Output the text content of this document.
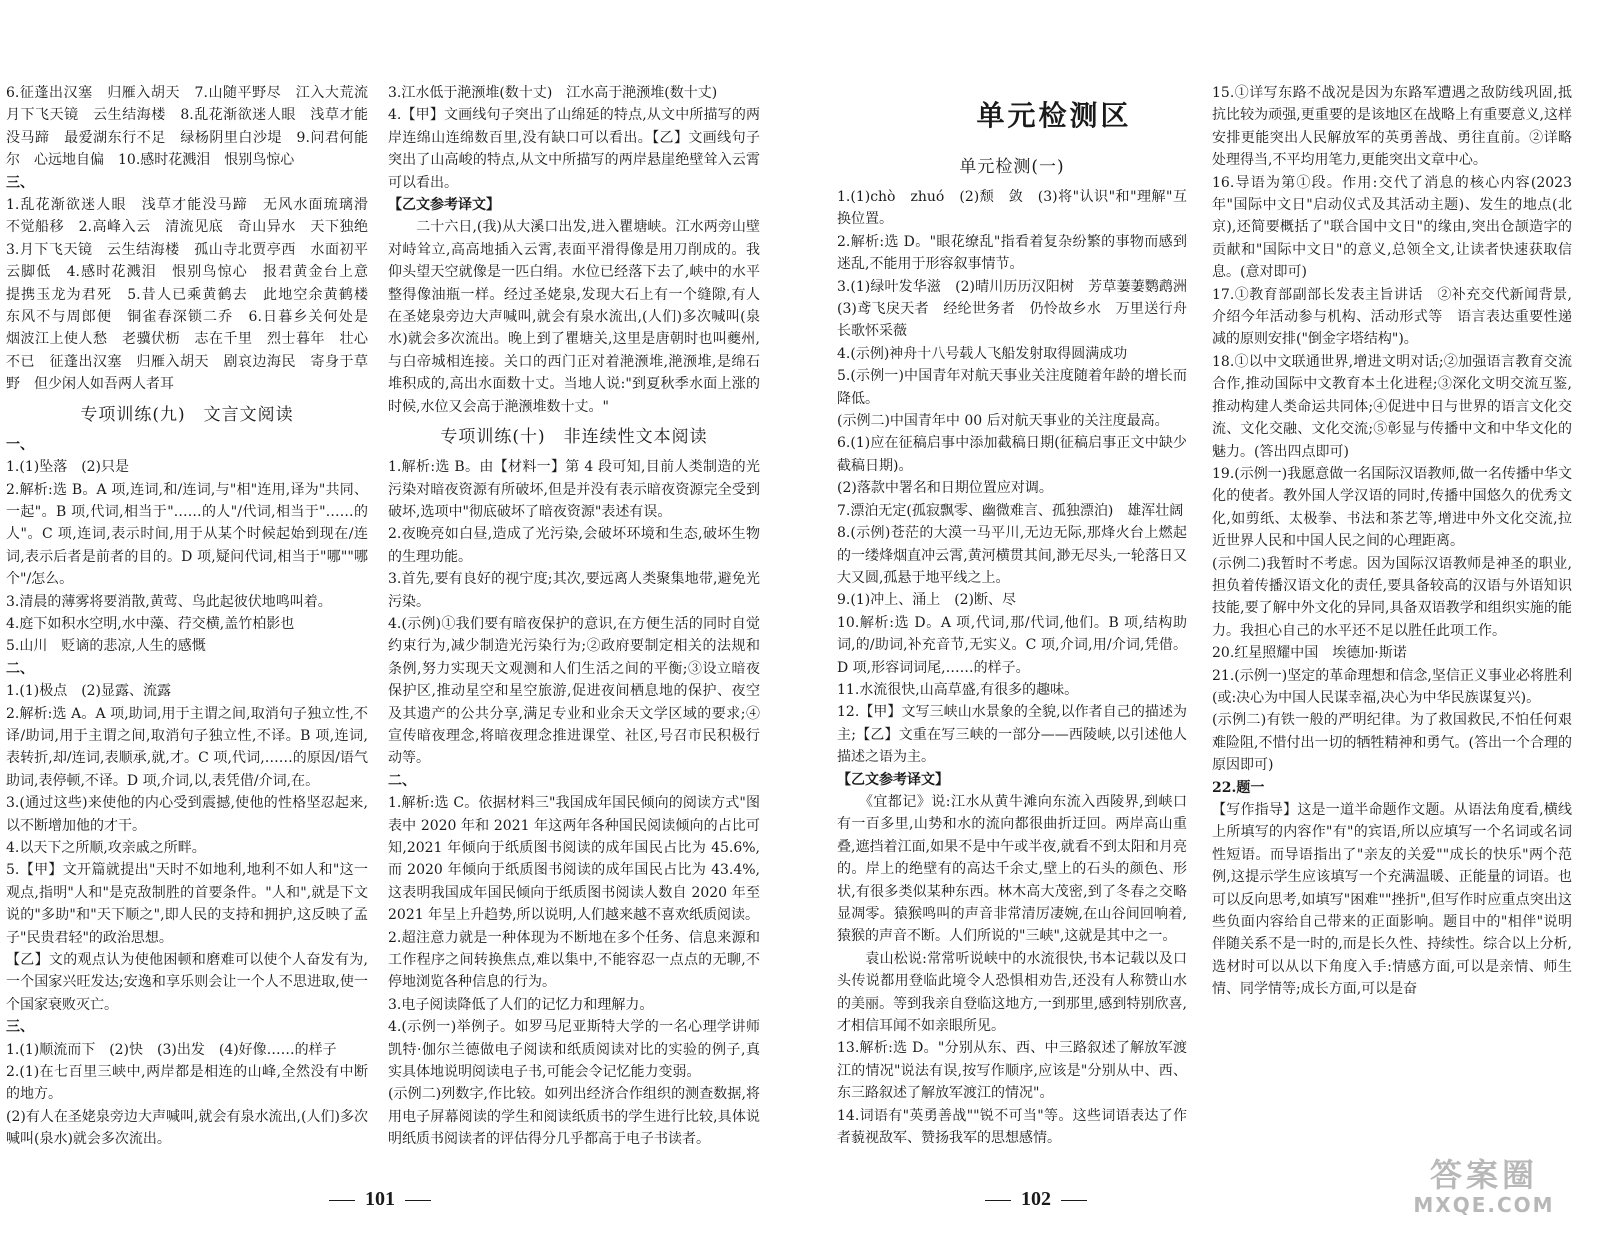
6.征蓬出汉塞　归雁入胡天　7.山随平野尽　江入大荒流　月下飞天镜　云生结海楼　8.乱花渐欲迷人眼　浅草才能没马蹄　最爱湖东行不足　绿杨阴里白沙堤　9.问君何能尔　心远地自偏　10.感时花溅泪　恨别鸟惊心

三、

1.乱花渐欲迷人眼　浅草才能没马蹄　无风水面琉璃滑　不觉船移　2.高峰入云　清流见底　奇山异水　天下独绝　3.月下飞天镜　云生结海楼　孤山寺北贾亭西　水面初平云脚低　4.感时花溅泪　恨别鸟惊心　报君黄金台上意　提携玉龙为君死　5.昔人已乘黄鹤去　此地空余黄鹤楼　东风不与周郎便　铜雀春深锁二乔　6.日暮乡关何处是　烟波江上使人愁　老骥伏枥　志在千里　烈士暮年　壮心不已　征蓬出汉塞　归雁入胡天　剧哀边海民　寄身于草野　但少闲人如吾两人者耳

专项训练(九)　文言文阅读

一、

1.(1)坠落　(2)只是

2.解析:选 B。A 项,连词,和/连词,与"相"连用,译为"共同、一起"。B 项,代词,相当于"……的人"/代词,相当于"……的人"。C 项,连词,表示时间,用于从某个时候起始到现在/连词,表示后者是前者的目的。D 项,疑问代词,相当于"哪""哪个"/怎么。

3.清晨的薄雾将要消散,黄莺、鸟此起彼伏地鸣叫着。

4.庭下如积水空明,水中藻、荇交横,盖竹柏影也

5.山川　贬谪的悲凉,人生的感慨

二、

1.(1)极点　(2)显露、流露

2.解析:选 A。A 项,助词,用于主谓之间,取消句子独立性,不译/助词,用于主谓之间,取消句子独立性,不译。B 项,连词,表转折,却/连词,表顺承,就,才。C 项,代词,……的原因/语气助词,表停顿,不译。D 项,介词,以,表凭借/介词,在。

3.(通过这些)来使他的内心受到震撼,使他的性格坚忍起来,以不断增加他的才干。

4.以天下之所顺,攻亲戚之所畔。

5.【甲】文开篇就提出"天时不如地利,地利不如人和"这一观点,指明"人和"是克敌制胜的首要条件。"人和",就是下文说的"多助"和"天下顺之",即人民的支持和拥护,这反映了孟子"民贵君轻"的政治思想。

【乙】文的观点认为使他困顿和磨难可以使个人奋发有为,一个国家兴旺发达;安逸和享乐则会让一个人不思进取,使一个国家衰败灭亡。

三、

1.(1)顺流而下　(2)快　(3)出发　(4)好像……的样子

2.(1)在七百里三峡中,两岸都是相连的山峰,全然没有中断的地方。

(2)有人在圣姥泉旁边大声喊叫,就会有泉水流出,(人们)多次喊叫(泉水)就会多次流出。

3.江水低于滟滪堆(数十丈)　江水高于滟滪堆(数十丈)

4.【甲】文画线句子突出了山绵延的特点,从文中所描写的两岸连绵山连绵数百里,没有缺口可以看出。【乙】文画线句子突出了山高峻的特点,从文中所描写的两岸悬崖绝壁耸入云霄可以看出。

【乙文参考译文】

　　二十六日,(我)从大溪口出发,进入瞿塘峡。江水两旁山壁对峙耸立,高高地插入云霄,表面平滑得像是用刀削成的。我仰头望天空就像是一匹白绢。水位已经落下去了,峡中的水平整得像油瓶一样。经过圣姥泉,发现大石上有一个缝隙,有人在圣姥泉旁边大声喊叫,就会有泉水流出,(人们)多次喊叫(泉水)就会多次流出。晚上到了瞿塘关,这里是唐朝时也叫夔州,与白帝城相连接。关口的西门正对着滟滪堆,滟滪堆,是绵石堆积成的,高出水面数十丈。当地人说:"到夏秋季水面上涨的时候,水位又会高于滟滪堆数十丈。"

专项训练(十)　非连续性文本阅读

1.解析:选 B。由【材料一】第 4 段可知,目前人类制造的光污染对暗夜资源有所破坏,但是并没有表示暗夜资源完全受到破坏,选项中"彻底破坏了暗夜资源"表述有误。

2.夜晚亮如白昼,造成了光污染,会破坏环境和生态,破坏生物的生理功能。

3.首先,要有良好的视宁度;其次,要远离人类聚集地带,避免光污染。

4.(示例)①我们要有暗夜保护的意识,在方便生活的同时自觉约束行为,减少制造光污染行为;②政府要制定相关的法规和条例,努力实现天文观测和人们生活之间的平衡;③设立暗夜保护区,推动星空和星空旅游,促进夜间栖息地的保护、夜空及其遗产的公共分享,满足专业和业余天文学区域的要求;④宣传暗夜理念,将暗夜理念推进课堂、社区,号召市民积极行动等。

二、

1.解析:选 C。依据材料三"我国成年国民倾向的阅读方式"图表中 2020 年和 2021 年这两年各种国民阅读倾向的占比可知,2021 年倾向于纸质图书阅读的成年国民占比为 45.6%,而 2020 年倾向于纸质图书阅读的成年国民占比为 43.4%,这表明我国成年国民倾向于纸质图书阅读人数自 2020 年至 2021 年呈上升趋势,所以说明,人们越来越不喜欢纸质阅读。

2.超注意力就是一种体现为不断地在多个任务、信息来源和工作程序之间转换焦点,难以集中,不能容忍一点点的无聊,不停地浏览各种信息的行为。

3.电子阅读降低了人们的记忆力和理解力。

4.(示例一)举例子。如罗马尼亚斯特大学的一名心理学讲师凯特·伽尔兰德做电子阅读和纸质阅读对比的实验的例子,真实具体地说明阅读电子书,可能会令记忆能力变弱。

(示例二)列数字,作比较。如列出经济合作组织的测查数据,将用电子屏幕阅读的学生和阅读纸质书的学生进行比较,具体说明纸质书阅读者的评估得分几乎都高于电子书读者。

101
单元检测区

单元检测(一)

1.(1)chò　zhuó　(2)颓　敛　(3)将"认识"和"理解"互换位置。

2.解析:选 D。"眼花缭乱"指看着复杂纷繁的事物而感到迷乱,不能用于形容叙事情节。

3.(1)绿叶发华滋　(2)晴川历历汉阳树　芳草萋萋鹦鹉洲　(3)鸢飞戾天者　经纶世务者　仍怜故乡水　万里送行舟　长歌怀采薇

4.(示例)神舟十八号载人飞船发射取得圆满成功

5.(示例一)中国青年对航天事业关注度随着年龄的增长而降低。

(示例二)中国青年中 00 后对航天事业的关注度最高。

6.(1)应在征稿启事中添加截稿日期(征稿启事正文中缺少截稿日期)。

(2)落款中署名和日期位置应对调。

7.漂泊无定(孤寂飘零、幽微难言、孤独漂泊)　雄浑壮阔

8.(示例)苍茫的大漠一马平川,无边无际,那烽火台上燃起的一缕烽烟直冲云霄,黄河横贯其间,渺无尽头,一轮落日又大又圆,孤悬于地平线之上。

9.(1)冲上、涌上　(2)断、尽

10.解析:选 D。A 项,代词,那/代词,他们。B 项,结构助词,的/助词,补充音节,无实义。C 项,介词,用/介词,凭借。D 项,形容词词尾,……的样子。

11.水流很快,山高草盛,有很多的趣味。

12.【甲】文写三峡山水景象的全貌,以作者自己的描述为主;【乙】文重在写三峡的一部分——西陵峡,以引述他人描述之语为主。

【乙文参考译文】

　　《宜都记》说:江水从黄牛滩向东流入西陵界,到峡口有一百多里,山势和水的流向都很曲折迂回。两岸高山重叠,遮挡着江面,如果不是中午或半夜,就看不到太阳和月亮的。岸上的绝壁有的高达千余丈,壁上的石头的颜色、形状,有很多类似某种东西。林木高大茂密,到了冬春之交略显凋零。猿猴鸣叫的声音非常清厉凄婉,在山谷间回响着,猿猴的声音不断。人们所说的"三峡",这就是其中之一。

　　袁山松说:常常听说峡中的水流很快,书本记载以及口头传说都用登临此境令人恐惧相劝告,还没有人称赞山水的美丽。等到我亲自登临这地方,一到那里,感到特别欣喜,才相信耳闻不如亲眼所见。

13.解析:选 D。"分别从东、西、中三路叙述了解放军渡江的情况"说法有误,按写作顺序,应该是"分别从中、西、东三路叙述了解放军渡江的情况"。

14.词语有"英勇善战""锐不可当"等。这些词语表达了作者藐视敌军、赞扬我军的思想感情。

15.①详写东路不战况是因为东路军遭遇之敌防线巩固,抵抗比较为顽强,更重要的是该地区在战略上有重要意义,这样安排更能突出人民解放军的英勇善战、勇往直前。②详略处理得当,不平均用笔力,更能突出文章中心。

16.导语为第①段。作用:交代了消息的核心内容(2023 年"国际中文日"启动仪式及其活动主题)、发生的地点(北京),还简要概括了"联合国中文日"的缘由,突出仓颉造字的贡献和"国际中文日"的意义,总领全文,让读者快速获取信息。(意对即可)

17.①教育部副部长发表主旨讲话　②补充交代新闻背景,介绍今年活动参与机构、活动形式等　语言表达重要性递减的原则安排("倒金字塔结构")。

18.①以中文联通世界,增进文明对话;②加强语言教育交流合作,推动国际中文教育本土化进程;③深化文明交流互鉴,推动构建人类命运共同体;④促进中日与世界的语言文化交流、文化交融、文化交流;⑤彰显与传播中文和中华文化的魅力。(答出四点即可)

19.(示例一)我愿意做一名国际汉语教师,做一名传播中华文化的使者。教外国人学汉语的同时,传播中国悠久的优秀文化,如剪纸、太极拳、书法和茶艺等,增进中外文化交流,拉近世界人民和中国人民之间的心理距离。

(示例二)我暂时不考虑。因为国际汉语教师是神圣的职业,担负着传播汉语文化的责任,要具备较高的汉语与外语知识技能,要了解中外文化的异同,具备双语教学和组织实施的能力。我担心自己的水平还不足以胜任此项工作。

20.红星照耀中国　埃德加·斯诺

21.(示例一)坚定的革命理想和信念,坚信正义事业必将胜利(或:决心为中国人民谋幸福,决心为中华民族谋复兴)。

(示例二)有铁一般的严明纪律。为了救国救民,不怕任何艰难险阻,不惜付出一切的牺牲精神和勇气。(答出一个合理的原因即可)

22.题一

【写作指导】这是一道半命题作文题。从语法角度看,横线上所填写的内容作"有"的宾语,所以应填写一个名词或名词性短语。而导语指出了"亲友的关爱""成长的快乐"两个范例,这提示学生应该填写一个充满温暖、正能量的词语。也可以反向思考,如填写"困难""挫折",但写作时应重点突出这些负面内容给自己带来的正面影响。题目中的"相伴"说明伴随关系不是一时的,而是长久性、持续性。综合以上分析,选材时可以从以下角度入手:情感方面,可以是亲情、师生情、同学情等;成长方面,可以是奋

102
答案圈
MXQE.COM
